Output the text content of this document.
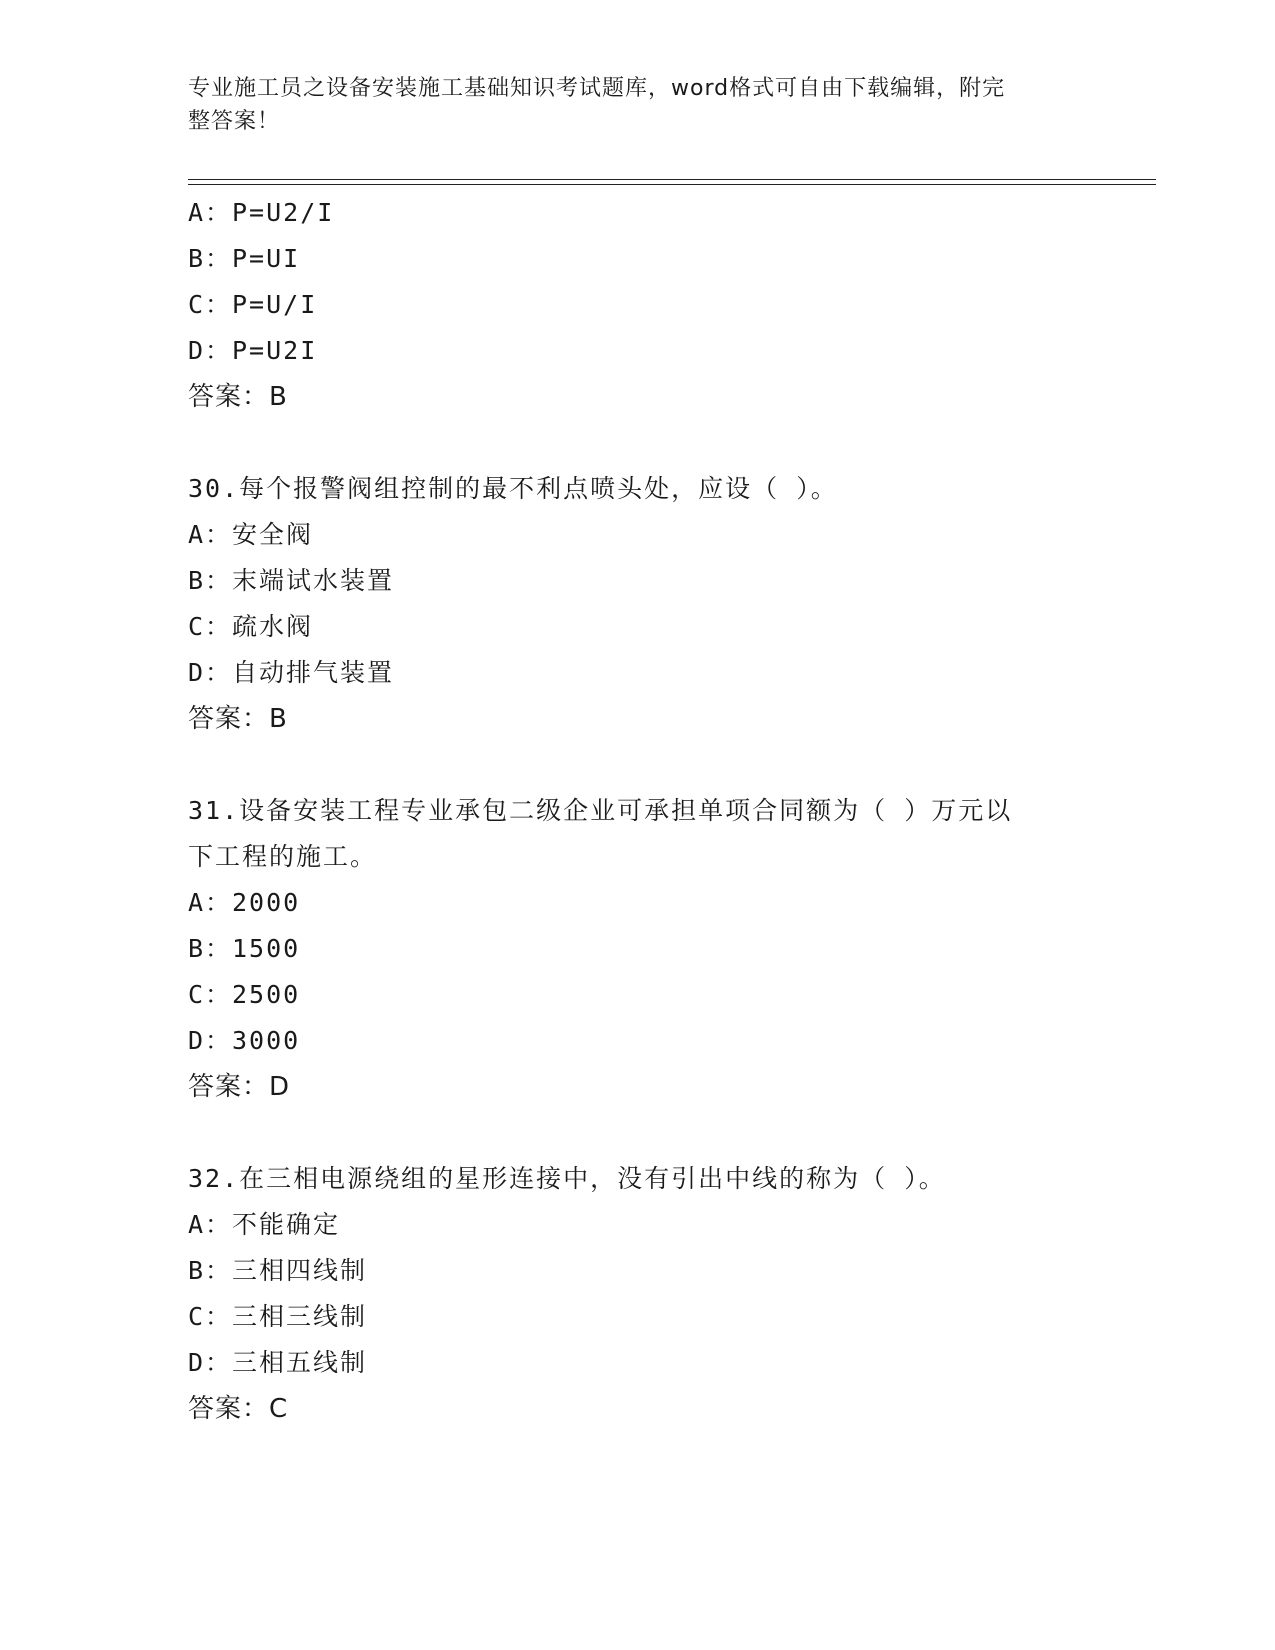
专业施工员之设备安装施工基础知识考试题库，word格式可自由下载编辑，附完
整答案！
A：P=U2/I
B：P=UI
C：P=U/I
D：P=U2I
答案：B
30.每个报警阀组控制的最不利点喷头处，应设（ ）。
A：安全阀
B：末端试水装置
C：疏水阀
D：自动排气装置
答案：B
31.设备安装工程专业承包二级企业可承担单项合同额为（ ）万元以
下工程的施工。
A：2000
B：1500
C：2500
D：3000
答案：D
32.在三相电源绕组的星形连接中，没有引出中线的称为（ ）。
A：不能确定
B：三相四线制
C：三相三线制
D：三相五线制
答案：C
